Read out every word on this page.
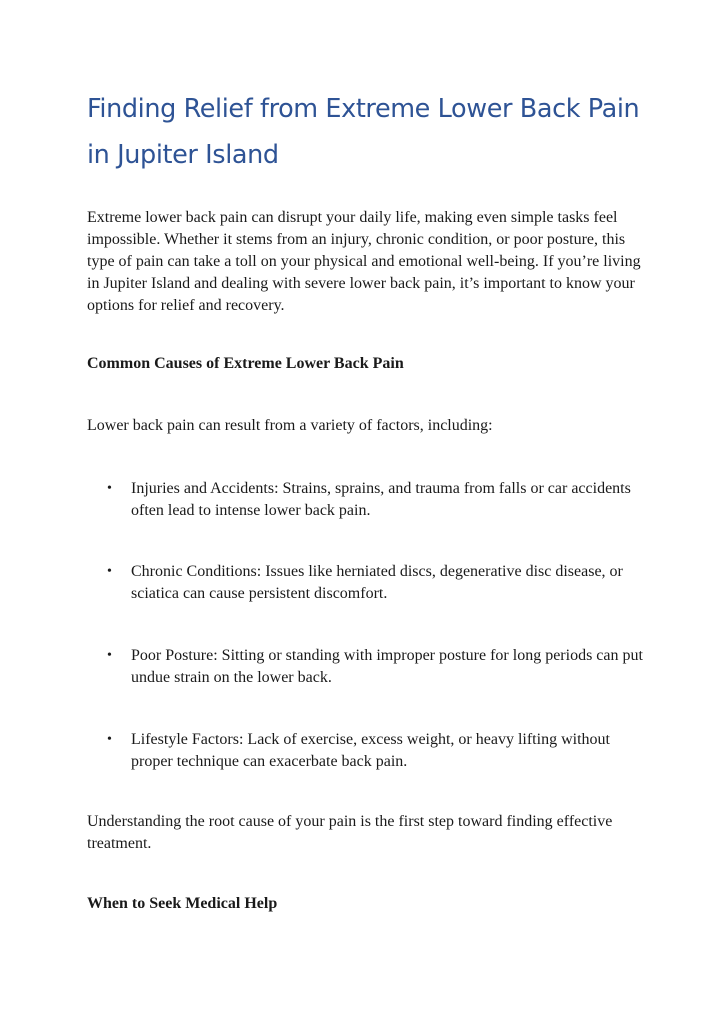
Finding Relief from Extreme Lower Back Pain in Jupiter Island

Extreme lower back pain can disrupt your daily life, making even simple tasks feel impossible. Whether it stems from an injury, chronic condition, or poor posture, this type of pain can take a toll on your physical and emotional well-being. If you’re living in Jupiter Island and dealing with severe lower back pain, it’s important to know your options for relief and recovery.

Common Causes of Extreme Lower Back Pain

Lower back pain can result from a variety of factors, including:

•	Injuries and Accidents: Strains, sprains, and trauma from falls or car accidents often lead to intense lower back pain.
•	Chronic Conditions: Issues like herniated discs, degenerative disc disease, or sciatica can cause persistent discomfort.
•	Poor Posture: Sitting or standing with improper posture for long periods can put undue strain on the lower back.
•	Lifestyle Factors: Lack of exercise, excess weight, or heavy lifting without proper technique can exacerbate back pain.

Understanding the root cause of your pain is the first step toward finding effective treatment.

When to Seek Medical Help
